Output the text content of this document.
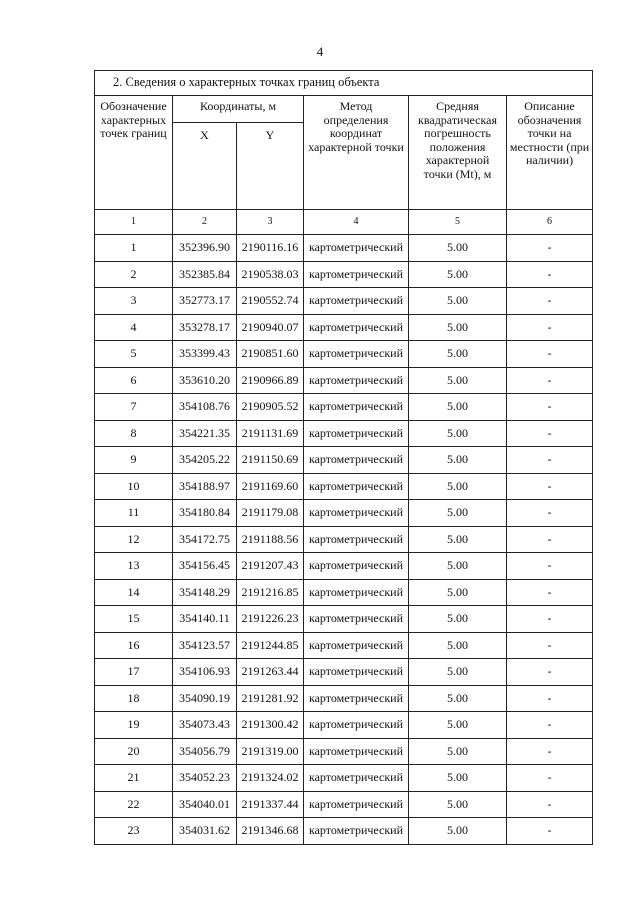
4
2. Сведения о характерных точках границ объекта					
Обозначение характерных точек границ	Координаты, м		Метод определения координат характерной точки	Средняя квадратическая погрешность положения характерной точки (Mt), м	Описание обозначения точки на местности (при наличии)
	X	Y			
1	2	3	4	5	6
1	352396.90	2190116.16	картометрический	5.00	-
2	352385.84	2190538.03	картометрический	5.00	-
3	352773.17	2190552.74	картометрический	5.00	-
4	353278.17	2190940.07	картометрический	5.00	-
5	353399.43	2190851.60	картометрический	5.00	-
6	353610.20	2190966.89	картометрический	5.00	-
7	354108.76	2190905.52	картометрический	5.00	-
8	354221.35	2191131.69	картометрический	5.00	-
9	354205.22	2191150.69	картометрический	5.00	-
10	354188.97	2191169.60	картометрический	5.00	-
11	354180.84	2191179.08	картометрический	5.00	-
12	354172.75	2191188.56	картометрический	5.00	-
13	354156.45	2191207.43	картометрический	5.00	-
14	354148.29	2191216.85	картометрический	5.00	-
15	354140.11	2191226.23	картометрический	5.00	-
16	354123.57	2191244.85	картометрический	5.00	-
17	354106.93	2191263.44	картометрический	5.00	-
18	354090.19	2191281.92	картометрический	5.00	-
19	354073.43	2191300.42	картометрический	5.00	-
20	354056.79	2191319.00	картометрический	5.00	-
21	354052.23	2191324.02	картометрический	5.00	-
22	354040.01	2191337.44	картометрический	5.00	-
23	354031.62	2191346.68	картометрический	5.00	-
